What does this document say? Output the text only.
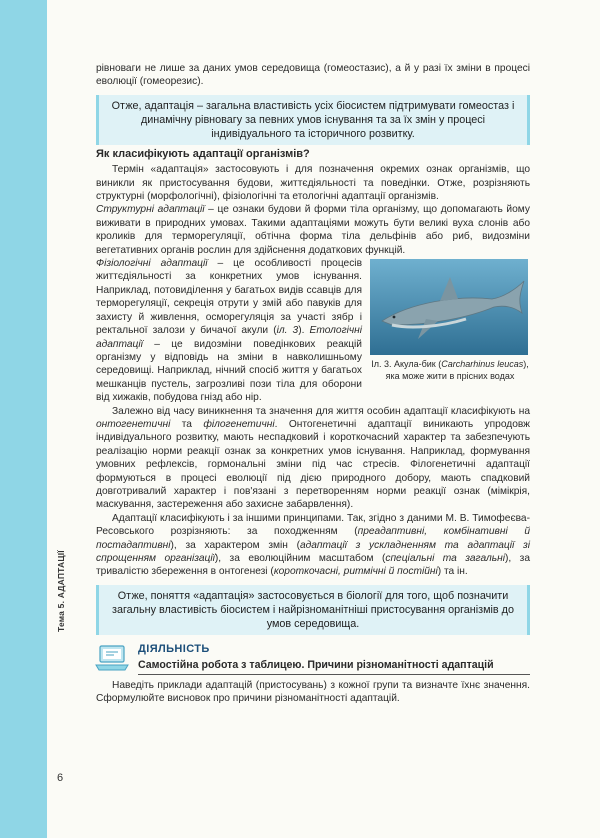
Тема 5. АДАПТАЦІЇ
6

рівноваги не лише за даних умов середовища (гомеостазис), а й у разі їх зміни в процесі еволюції (гомеорезис).

Отже, адаптація – загальна властивість усіх біосистем підтримувати гомеостаз і динамічну рівновагу за певних умов існування та за їх змін у процесі індивідуального та історичного розвитку.
Як класифікують адаптації організмів?

Термін «адаптація» застосовують і для позначення окремих ознак організмів, що виникли як пристосування будови, життєдіяльності та поведінки. Отже, розрізняють структурні (морфологічні), фізіологічні та етологічні адаптації організмів.

Структурні адаптації – це ознаки будови й форми тіла організму, що допомагають йому виживати в природних умовах. Такими адаптаціями можуть бути великі вуха слонів або кроликів для терморегуляції, обтічна форма тіла дельфінів або риб, видозміни вегетативних органів рослин для здійснення додаткових функцій.

Іл. 3. Акула-бик (Carcharhinus leucas), яка може жити в прісних водах

Фізіологічні адаптації – це особливості процесів життєдіяльності за конкретних умов існування. Наприклад, потовиділення у багатьох видів ссавців для терморегуляції, секреція отрути у змій або павуків для захисту й живлення, осморегуляція за участі зябр і ректальної залози у бичачої акули (іл. 3). Етологічні адаптації – це видозміни поведінкових реакцій організму у відповідь на зміни в навколишньому середовищі. Наприклад, нічний спосіб життя у багатьох мешканців пустель, загрозливі пози тіла для оборони від хижаків, побудова гнізд або нір.

Залежно від часу виникнення та значення для життя особин адаптації класифікують на онтогенетичні та філогенетичні. Онтогенетичні адаптації виникають упродовж індивідуального розвитку, мають неспадковий і короткочасний характер та забезпечують реалізацію норми реакції ознак за конкретних умов існування. Наприклад, формування умовних рефлексів, гормональні зміни під час стресів. Філогенетичні адаптації формуються в процесі еволюції під дією природного добору, мають спадковий довготривалий характер і пов'язані з перетворенням норми реакції ознак (мімікрія, маскування, застереження або захисне забарвлення).

Адаптації класифікують і за іншими принципами. Так, згідно з даними М. В. Тимофеєва-Ресовського розрізняють: за походженням (преадаптивні, комбінативні й постадаптивні), за характером змін (адаптації з ускладненням та адаптації зі спрощенням організації), за еволюційним масштабом (спеціальні та загальні), за тривалістю збереження в онтогенезі (короткочасні, ритмічні й постійні) та ін.

Отже, поняття «адаптація» застосовується в біології для того, щоб позначити загальну властивість біосистем і найрізноманітніші пристосування організмів до умов середовища.
ДІЯЛЬНІСТЬ
Самостійна робота з таблицею. Причини різноманітності адаптацій

Наведіть приклади адаптацій (пристосувань) з кожної групи та визначте їхнє значення. Сформулюйте висновок про причини різноманітності адаптацій.
